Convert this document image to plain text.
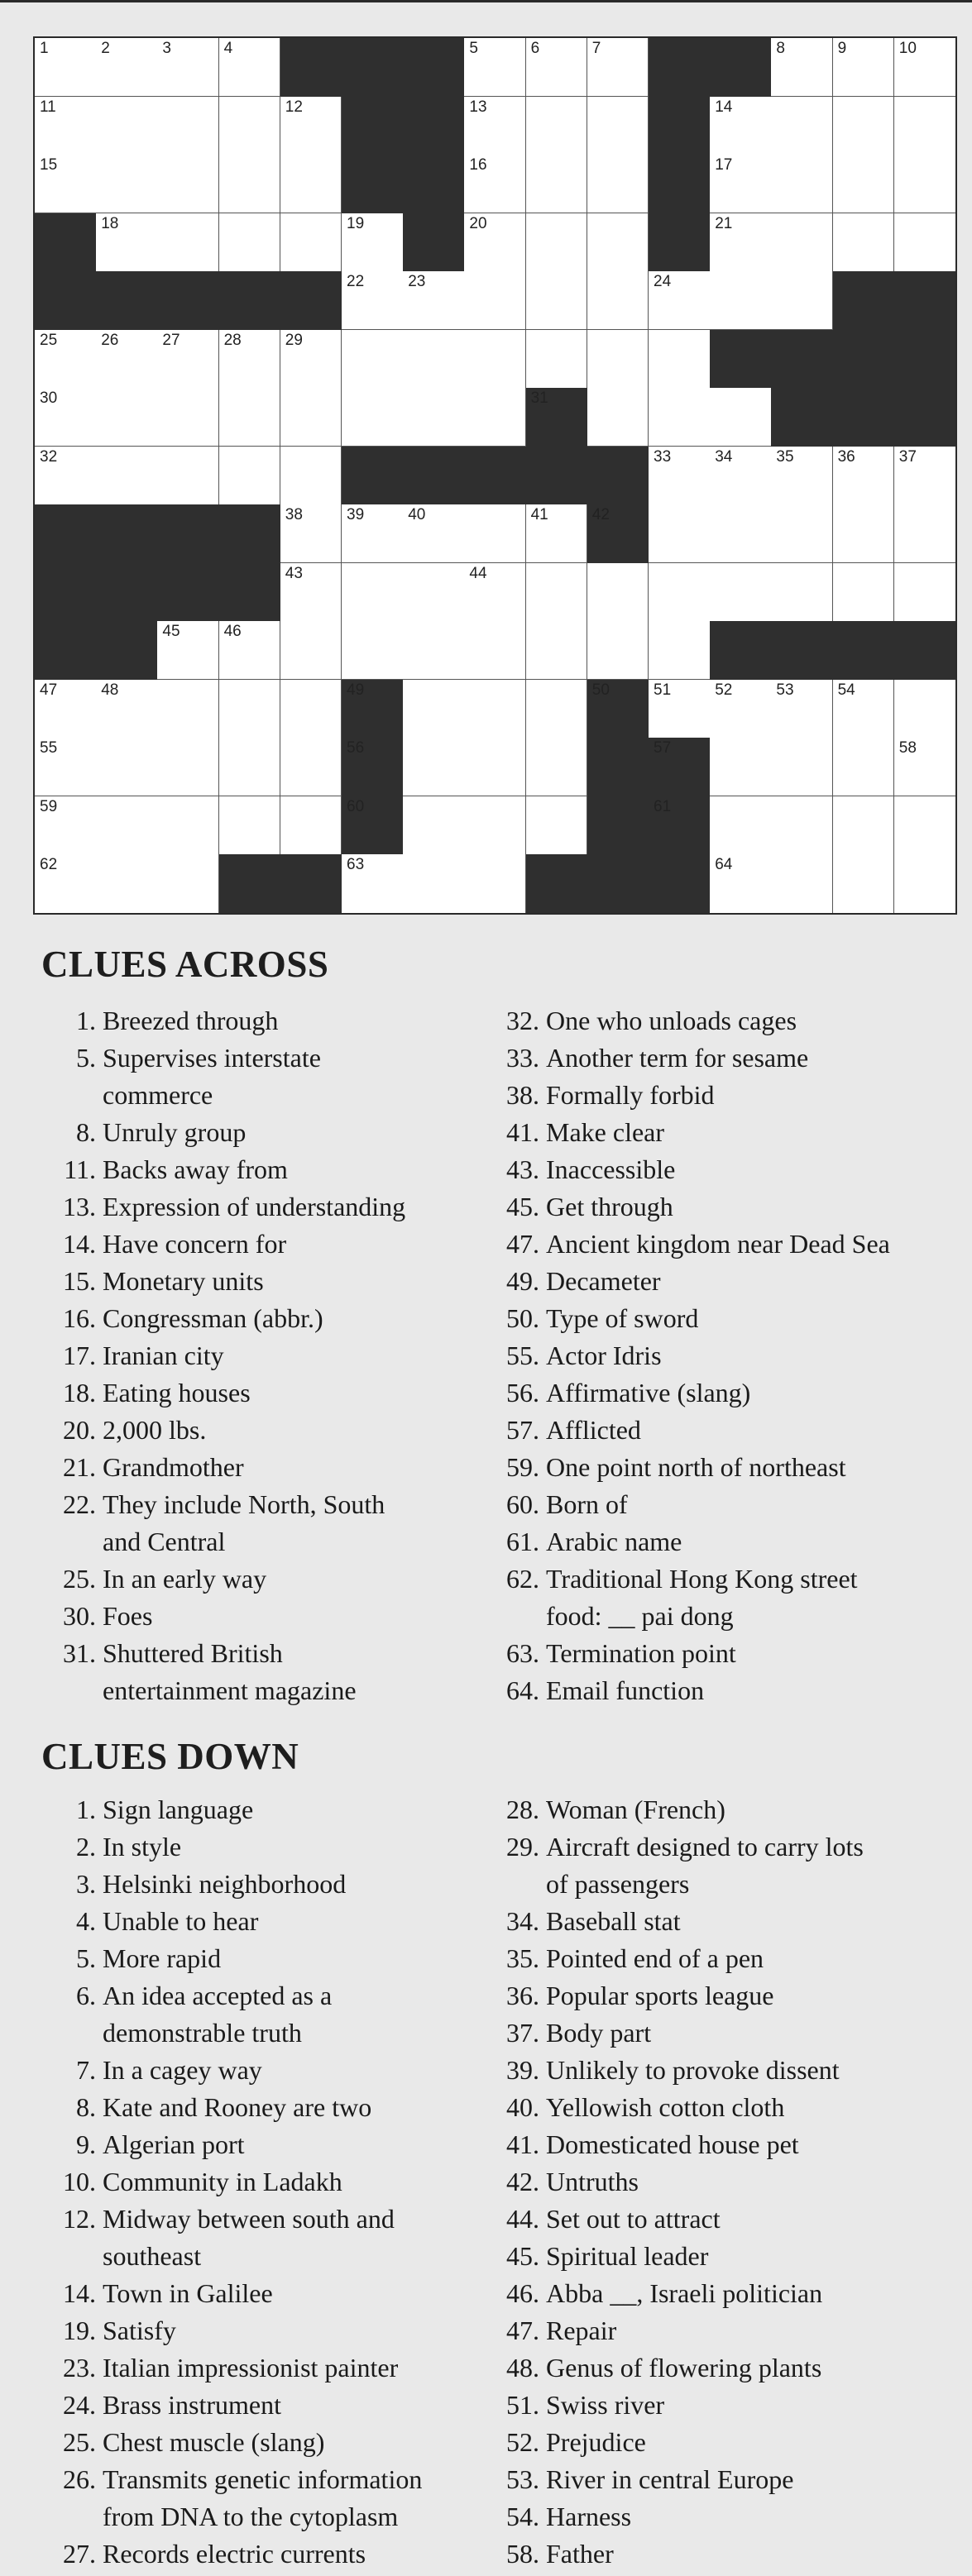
1	2	3	4	5	6	7	8	9	10
11	12	13	14
15	16	17
18	19	20	21
22	23	24
25	26	27	28	29
30	31
32	33	34	35	36	37
38	39	40	41	42
43	44
45	46
47	48	49	50	51	52	53	54
55	56	57	58
59	60	61
62	63	64
CLUES ACROSS
1. Breezed through
5. Supervises interstate
commerce
8. Unruly group
11. Backs away from
13. Expression of understanding
14. Have concern for
15. Monetary units
16. Congressman (abbr.)
17. Iranian city
18. Eating houses
20. 2,000 lbs.
21. Grandmother
22. They include North, South
and Central
25. In an early way
30. Foes
31. Shuttered British
entertainment magazine
32. One who unloads cages
33. Another term for sesame
38. Formally forbid
41. Make clear
43. Inaccessible
45. Get through
47. Ancient kingdom near Dead Sea
49. Decameter
50. Type of sword
55. Actor Idris
56. Affirmative (slang)
57. Afflicted
59. One point north of northeast
60. Born of
61. Arabic name
62. Traditional Hong Kong street
food: __ pai dong
63. Termination point
64. Email function
CLUES DOWN
1. Sign language
2. In style
3. Helsinki neighborhood
4. Unable to hear
5. More rapid
6. An idea accepted as a
demonstrable truth
7. In a cagey way
8. Kate and Rooney are two
9. Algerian port
10. Community in Ladakh
12. Midway between south and
southeast
14. Town in Galilee
19. Satisfy
23. Italian impressionist painter
24. Brass instrument
25. Chest muscle (slang)
26. Transmits genetic information
from DNA to the cytoplasm
27. Records electric currents
28. Woman (French)
29. Aircraft designed to carry lots
of passengers
34. Baseball stat
35. Pointed end of a pen
36. Popular sports league
37. Body part
39. Unlikely to provoke dissent
40. Yellowish cotton cloth
41. Domesticated house pet
42. Untruths
44. Set out to attract
45. Spiritual leader
46. Abba __, Israeli politician
47. Repair
48. Genus of flowering plants
51. Swiss river
52. Prejudice
53. River in central Europe
54. Harness
58. Father
